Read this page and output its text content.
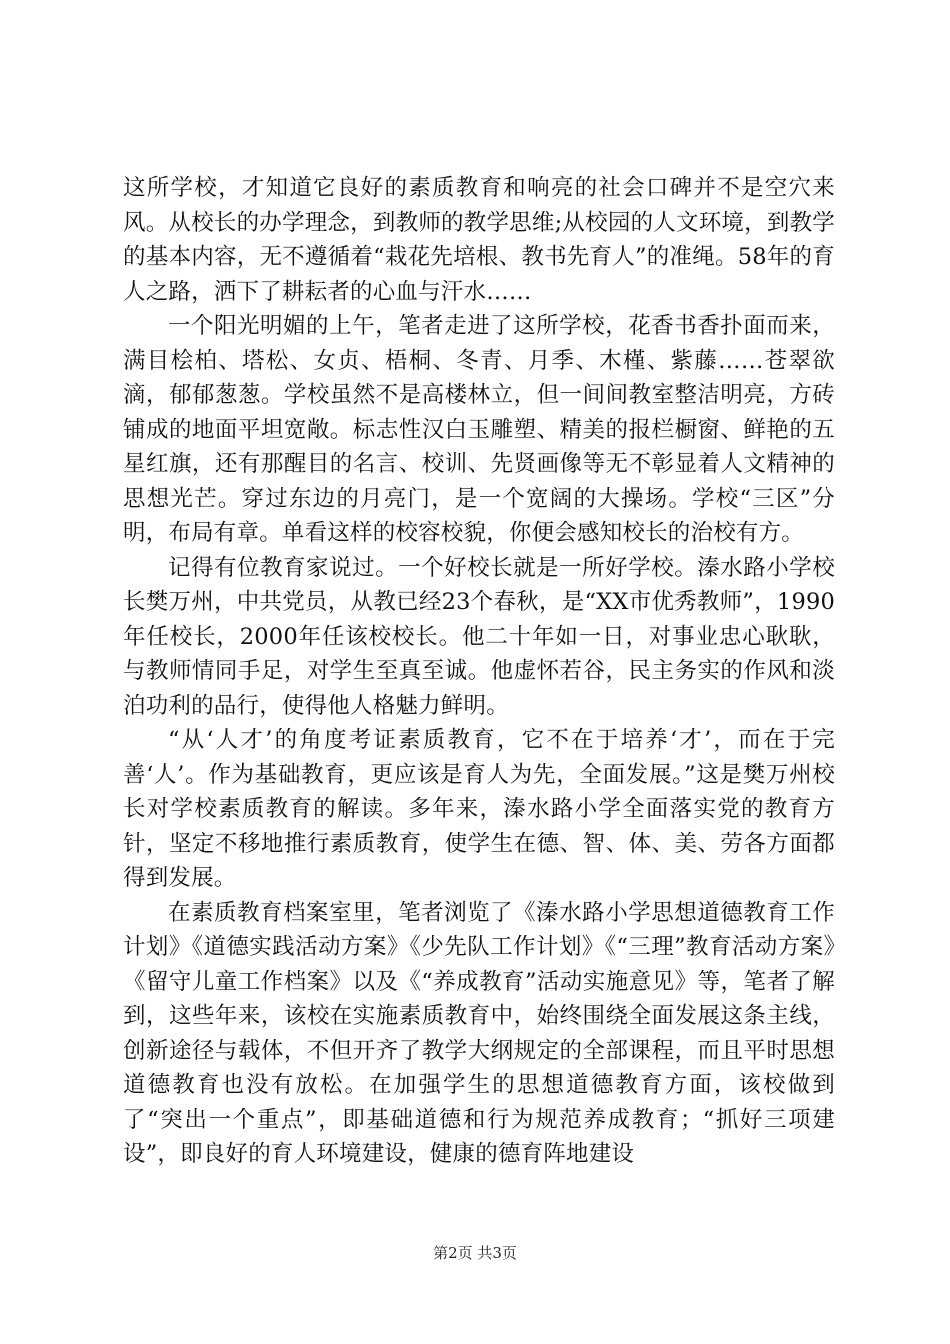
这所学校，才知道它良好的素质教育和响亮的社会口碑并不是空穴来风。从校长的办学理念，到教师的教学思维;从校园的人文环境，到教学的基本内容，无不遵循着“栽花先培根、教书先育人”的准绳。58年的育人之路，洒下了耕耘者的心血与汗水……

一个阳光明媚的上午，笔者走进了这所学校，花香书香扑面而来，满目桧柏、塔松、女贞、梧桐、冬青、月季、木槿、紫藤……苍翠欲滴，郁郁葱葱。学校虽然不是高楼林立，但一间间教室整洁明亮，方砖铺成的地面平坦宽敞。标志性汉白玉雕塑、精美的报栏橱窗、鲜艳的五星红旗，还有那醒目的名言、校训、先贤画像等无不彰显着人文精神的思想光芒。穿过东边的月亮门，是一个宽阔的大操场。学校“三区”分明，布局有章。单看这样的校容校貌，你便会感知校长的治校有方。

记得有位教育家说过。一个好校长就是一所好学校。溱水路小学校长樊万州，中共党员，从教已经23个春秋，是“XX市优秀教师”，1990年任校长，2000年任该校校长。他二十年如一日，对事业忠心耿耿，与教师情同手足，对学生至真至诚。他虚怀若谷，民主务实的作风和淡泊功利的品行，使得他人格魅力鲜明。

“从‘人才’的角度考证素质教育，它不在于培养‘才’，而在于完善‘人’。作为基础教育，更应该是育人为先，全面发展。”这是樊万州校长对学校素质教育的解读。多年来，溱水路小学全面落实党的教育方针，坚定不移地推行素质教育，使学生在德、智、体、美、劳各方面都得到发展。

在素质教育档案室里，笔者浏览了《溱水路小学思想道德教育工作计划》《道德实践活动方案》《少先队工作计划》《“三理”教育活动方案》《留守儿童工作档案》以及《“养成教育”活动实施意见》等，笔者了解到，这些年来，该校在实施素质教育中，始终围绕全面发展这条主线，创新途径与载体，不但开齐了教学大纲规定的全部课程，而且平时思想道德教育也没有放松。在加强学生的思想道德教育方面，该校做到了“突出一个重点”，即基础道德和行为规范养成教育；“抓好三项建设”，即良好的育人环境建设，健康的德育阵地建设

第2页 共3页
